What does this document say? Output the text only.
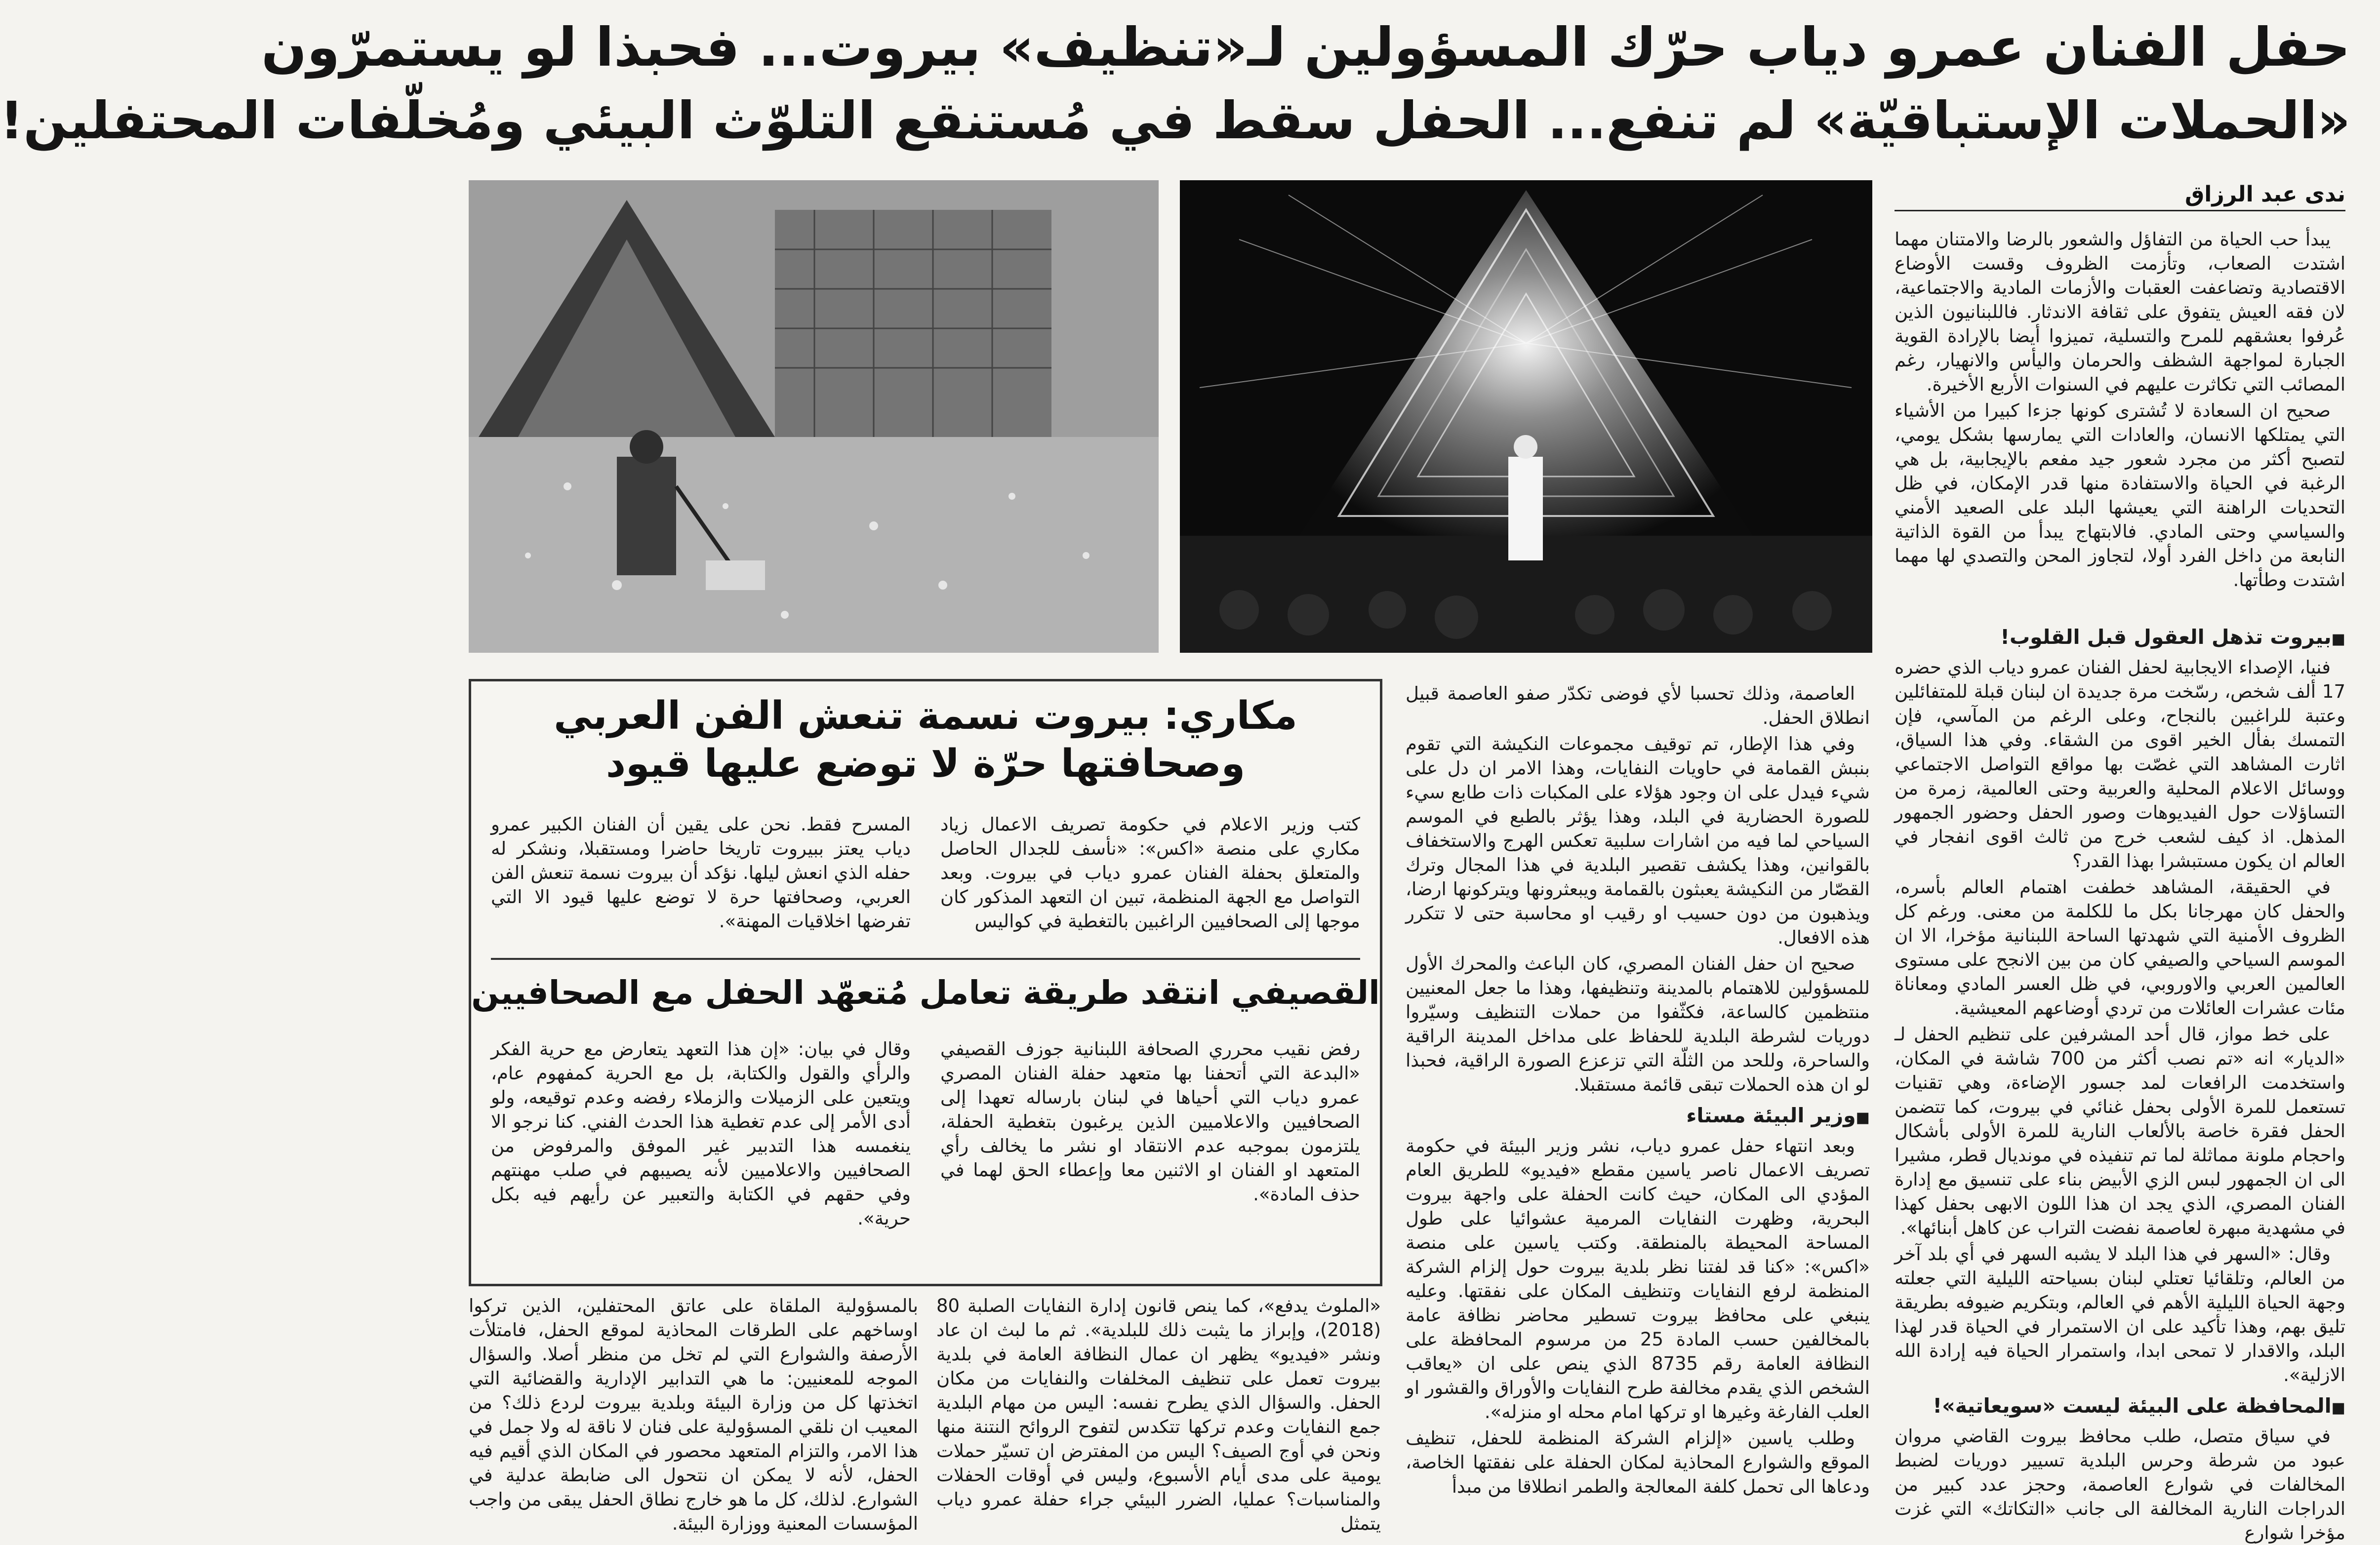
حفل الفنان عمرو دياب حرّك المسؤولين لـ«تنظيف» بيروت... فحبذا لو يستمرّون
«الحملات الإستباقيّة» لم تنفع... الحفل سقط في مُستنقع التلوّث البيئي ومُخلّفات المحتفلين!
ندى عبد الرزاق

يبدأ حب الحياة من التفاؤل والشعور بالرضا والامتنان مهما اشتدت الصعاب، وتأزمت الظروف وقست الأوضاع الاقتصادية وتضاعفت العقبات والأزمات المادية والاجتماعية، لان فقه العيش يتفوق على ثقافة الاندثار. فاللبنانيون الذين عُرفوا بعشقهم للمرح والتسلية، تميزوا أيضا بالإرادة القوية الجبارة لمواجهة الشظف والحرمان واليأس والانهيار، رغم المصائب التي تكاثرت عليهم في السنوات الأربع الأخيرة.

صحيح ان السعادة لا تُشترى كونها جزءا كبيرا من الأشياء التي يمتلكها الانسان، والعادات التي يمارسها بشكل يومي، لتصبح أكثر من مجرد شعور جيد مفعم بالإيجابية، بل هي الرغبة في الحياة والاستفادة منها قدر الإمكان، في ظل التحديات الراهنة التي يعيشها البلد على الصعيد الأمني والسياسي وحتى المادي. فالابتهاج يبدأ من القوة الذاتية النابعة من داخل الفرد أولا، لتجاوز المحن والتصدي لها مهما اشتدت وطأتها.

■ بيروت تذهل العقول قبل القلوب!

فنيا، الإصداء الايجابية لحفل الفنان عمرو دياب الذي حضره 17 ألف شخص، رسّخت مرة جديدة ان لبنان قبلة للمتفائلين وعتبة للراغبين بالنجاح، وعلى الرغم من المآسي، فإن التمسك بفأل الخير اقوى من الشقاء. وفي هذا السياق، اثارت المشاهد التي غصّت بها مواقع التواصل الاجتماعي ووسائل الاعلام المحلية والعربية وحتى العالمية، زمرة من التساؤلات حول الفيديوهات وصور الحفل وحضور الجمهور المذهل. اذ كيف لشعب خرج من ثالث اقوى انفجار في العالم ان يكون مستبشرا بهذا القدر؟

في الحقيقة، المشاهد خطفت اهتمام العالم بأسره، والحفل كان مهرجانا بكل ما للكلمة من معنى. ورغم كل الظروف الأمنية التي شهدتها الساحة اللبنانية مؤخرا، الا ان الموسم السياحي والصيفي كان من بين الانجح على مستوى العالمين العربي والاوروبي، في ظل العسر المادي ومعاناة مئات عشرات العائلات من تردي أوضاعهم المعيشية.

على خط مواز، قال أحد المشرفين على تنظيم الحفل لـ «الديار» انه «تم نصب أكثر من 700 شاشة في المكان، واستخدمت الرافعات لمد جسور الإضاءة، وهي تقنيات تستعمل للمرة الأولى بحفل غنائي في بيروت، كما تتضمن الحفل فقرة خاصة بالألعاب النارية للمرة الأولى بأشكال واحجام ملونة مماثلة لما تم تنفيذه في مونديال قطر، مشيرا الى ان الجمهور لبس الزي الأبيض بناء على تنسيق مع إدارة الفنان المصري، الذي يجد ان هذا اللون الابهى بحفل كهذا في مشهدية مبهرة لعاصمة نفضت التراب عن كاهل أبنائها».

وقال: «السهر في هذا البلد لا يشبه السهر في أي بلد آخر من العالم، وتلقائيا تعتلي لبنان بسياحته الليلية التي جعلته وجهة الحياة الليلية الأهم في العالم، وبتكريم ضيوفه بطريقة تليق بهم، وهذا تأكيد على ان الاستمرار في الحياة قدر لهذا البلد، والاقدار لا تمحى ابدا، واستمرار الحياة فيه إرادة الله الازلية».

■ المحافظة على البيئة ليست «سويعاتية»!

في سياق متصل، طلب محافظ بيروت القاضي مروان عبود من شرطة وحرس البلدية تسيير دوريات لضبط المخالفات في شوارع العاصمة، وحجز عدد كبير من الدراجات النارية المخالفة الى جانب «التكاتك» التي غزت مؤخرا شوارع

العاصمة، وذلك تحسبا لأي فوضى تكدّر صفو العاصمة قبيل انطلاق الحفل.

وفي هذا الإطار، تم توقيف مجموعات النكيشة التي تقوم بنبش القمامة في حاويات النفايات، وهذا الامر ان دل على شيء فيدل على ان وجود هؤلاء على المكبات ذات طابع سيء للصورة الحضارية في البلد، وهذا يؤثر بالطبع في الموسم السياحي لما فيه من اشارات سلبية تعكس الهرج والاستخفاف بالقوانين، وهذا يكشف تقصير البلدية في هذا المجال وترك القصّار من النكيشة يعبثون بالقمامة ويبعثرونها ويتركونها ارضا، ويذهبون من دون حسيب او رقيب او محاسبة حتى لا تتكرر هذه الافعال.

صحيح ان حفل الفنان المصري، كان الباعث والمحرك الأول للمسؤولين للاهتمام بالمدينة وتنظيفها، وهذا ما جعل المعنيين منتظمين كالساعة، فكثّفوا من حملات التنظيف وسيّروا دوريات لشرطة البلدية للحفاظ على مداخل المدينة الراقية والساحرة، وللحد من الثلّة التي تزعزع الصورة الراقية، فحبذا لو ان هذه الحملات تبقى قائمة مستقبلا.

■ وزير البيئة مستاء

وبعد انتهاء حفل عمرو دياب، نشر وزير البيئة في حكومة تصريف الاعمال ناصر ياسين مقطع «فيديو» للطريق العام المؤدي الى المكان، حيث كانت الحفلة على واجهة بيروت البحرية، وظهرت النفايات المرمية عشوائيا على طول المساحة المحيطة بالمنطقة. وكتب ياسين على منصة «اكس»: «كنا قد لفتنا نظر بلدية بيروت حول إلزام الشركة المنظمة لرفع النفايات وتنظيف المكان على نفقتها. وعليه ينبغي على محافظ بيروت تسطير محاضر نظافة عامة بالمخالفين حسب المادة 25 من مرسوم المحافظة على النظافة العامة رقم 8735 الذي ينص على ان «يعاقب الشخص الذي يقدم مخالفة طرح النفايات والأوراق والقشور او العلب الفارغة وغيرها او تركها امام محله او منزله».

وطلب ياسين «إلزام الشركة المنظمة للحفل، تنظيف الموقع والشوارع المحاذية لمكان الحفلة على نفقتها الخاصة، ودعاها الى تحمل كلفة المعالجة والطمر انطلاقا من مبدأ

مكاري: بيروت نسمة تنعش الفن العربي
وصحافتها حرّة لا توضع عليها قيود
كتب وزير الاعلام في حكومة تصريف الاعمال زياد مكاري على منصة «اكس»: «نأسف للجدال الحاصل والمتعلق بحفلة الفنان عمرو دياب في بيروت. وبعد التواصل مع الجهة المنظمة، تبين ان التعهد المذكور كان موجها إلى الصحافيين الراغبين بالتغطية في كواليس
المسرح فقط. نحن على يقين أن الفنان الكبير عمرو دياب يعتز ببيروت تاريخا حاضرا ومستقبلا، ونشكر له حفله الذي انعش ليلها. نؤكد أن بيروت نسمة تنعش الفن العربي، وصحافتها حرة لا توضع عليها قيود الا التي تفرضها اخلاقيات المهنة».
القصيفي انتقد طريقة تعامل مُتعهّد الحفل مع الصحافيين
رفض نقيب محرري الصحافة اللبنانية جوزف القصيفي «البدعة التي أتحفنا بها متعهد حفلة الفنان المصري عمرو دياب التي أحياها في لبنان بارساله تعهدا إلى الصحافيين والاعلاميين الذين يرغبون بتغطية الحفلة، يلتزمون بموجبه عدم الانتقاد او نشر ما يخالف رأي المتعهد او الفنان او الاثنين معا وإعطاء الحق لهما في حذف المادة».
وقال في بيان: «إن هذا التعهد يتعارض مع حرية الفكر والرأي والقول والكتابة، بل مع الحرية كمفهوم عام، ويتعين على الزميلات والزملاء رفضه وعدم توقيعه، ولو أدى الأمر إلى عدم تغطية هذا الحدث الفني. كنا نرجو الا ينغمسه هذا التدبير غير الموفق والمرفوض من الصحافيين والاعلاميين لأنه يصيبهم في صلب مهنتهم وفي حقهم في الكتابة والتعبير عن رأيهم فيه بكل حرية».
«الملوث يدفع»، كما ينص قانون إدارة النفايات الصلبة 80 (2018)، وإبراز ما يثبت ذلك للبلدية». ثم ما لبث ان عاد ونشر «فيديو» يظهر ان عمال النظافة العامة في بلدية بيروت تعمل على تنظيف المخلفات والنفايات من مكان الحفل. والسؤال الذي يطرح نفسه: اليس من مهام البلدية جمع النفايات وعدم تركها تتكدس لتفوح الروائح النتنة منها ونحن في أوج الصيف؟ اليس من المفترض ان تسيّر حملات يومية على مدى أيام الأسبوع، وليس في أوقات الحفلات والمناسبات؟ عمليا، الضرر البيئي جراء حفلة عمرو دياب يتمثل
بالمسؤولية الملقاة على عاتق المحتفلين، الذين تركوا اوساخهم على الطرقات المحاذية لموقع الحفل، فامتلأت الأرصفة والشوارع التي لم تخل من منظر أصلا. والسؤال الموجه للمعنيين: ما هي التدابير الإدارية والقضائية التي اتخذتها كل من وزارة البيئة وبلدية بيروت لردع ذلك؟ من المعيب ان نلقي المسؤولية على فنان لا ناقة له ولا جمل في هذا الامر، والتزام المتعهد محصور في المكان الذي أقيم فيه الحفل، لأنه لا يمكن ان نتحول الى ضابطة عدلية في الشوارع. لذلك، كل ما هو خارج نطاق الحفل يبقى من واجب المؤسسات المعنية ووزارة البيئة.
